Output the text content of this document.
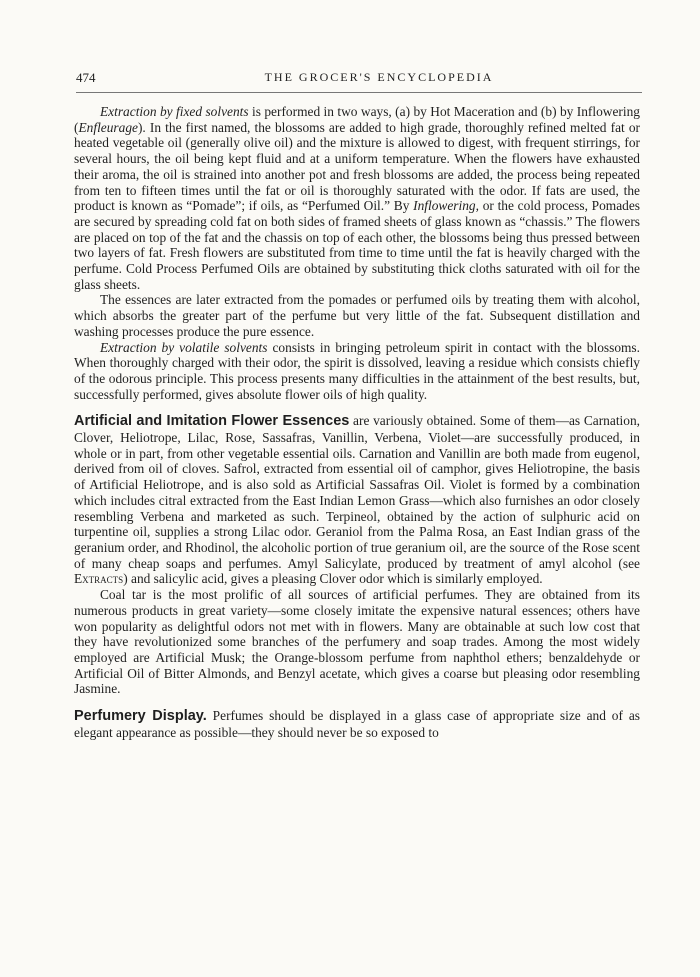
474	THE GROCER'S ENCYCLOPEDIA

Extraction by fixed solvents is performed in two ways, (a) by Hot Maceration and (b) by Inflowering (Enfleurage). In the first named, the blossoms are added to high grade, thoroughly refined melted fat or heated vegetable oil (generally olive oil) and the mixture is allowed to digest, with frequent stirrings, for several hours, the oil being kept fluid and at a uniform temperature. When the flowers have exhausted their aroma, the oil is strained into another pot and fresh blossoms are added, the process being repeated from ten to fifteen times until the fat or oil is thoroughly saturated with the odor. If fats are used, the product is known as “Pomade”; if oils, as “Perfumed Oil.” By Inflowering, or the cold process, Pomades are secured by spreading cold fat on both sides of framed sheets of glass known as “chassis.” The flowers are placed on top of the fat and the chassis on top of each other, the blossoms being thus pressed between two layers of fat. Fresh flowers are substituted from time to time until the fat is heavily charged with the perfume. Cold Process Perfumed Oils are obtained by substituting thick cloths saturated with oil for the glass sheets.

The essences are later extracted from the pomades or perfumed oils by treating them with alcohol, which absorbs the greater part of the perfume but very little of the fat. Subsequent distillation and washing processes produce the pure essence.

Extraction by volatile solvents consists in bringing petroleum spirit in contact with the blossoms. When thoroughly charged with their odor, the spirit is dissolved, leaving a residue which consists chiefly of the odorous principle. This process presents many difficulties in the attainment of the best results, but, successfully performed, gives absolute flower oils of high quality.

Artificial and Imitation Flower Essences are variously obtained. Some of them—as Carnation, Clover, Heliotrope, Lilac, Rose, Sassafras, Vanillin, Verbena, Violet—are successfully produced, in whole or in part, from other vegetable essential oils. Carnation and Vanillin are both made from eugenol, derived from oil of cloves. Safrol, extracted from essential oil of camphor, gives Heliotropine, the basis of Artificial Heliotrope, and is also sold as Artificial Sassafras Oil. Violet is formed by a combination which includes citral extracted from the East Indian Lemon Grass—which also furnishes an odor closely resembling Verbena and marketed as such. Terpineol, obtained by the action of sulphuric acid on turpentine oil, supplies a strong Lilac odor. Geraniol from the Palma Rosa, an East Indian grass of the geranium order, and Rhodinol, the alcoholic portion of true geranium oil, are the source of the Rose scent of many cheap soaps and perfumes. Amyl Salicylate, produced by treatment of amyl alcohol (see Extracts) and salicylic acid, gives a pleasing Clover odor which is similarly employed.

Coal tar is the most prolific of all sources of artificial perfumes. They are obtained from its numerous products in great variety—some closely imitate the expensive natural essences; others have won popularity as delightful odors not met with in flowers. Many are obtainable at such low cost that they have revolutionized some branches of the perfumery and soap trades. Among the most widely employed are Artificial Musk; the Orange-blossom perfume from naphthol ethers; benzaldehyde or Artificial Oil of Bitter Almonds, and Benzyl acetate, which gives a coarse but pleasing odor resembling Jasmine.

Perfumery Display. Perfumes should be displayed in a glass case of appropriate size and of as elegant appearance as possible—they should never be so exposed to
